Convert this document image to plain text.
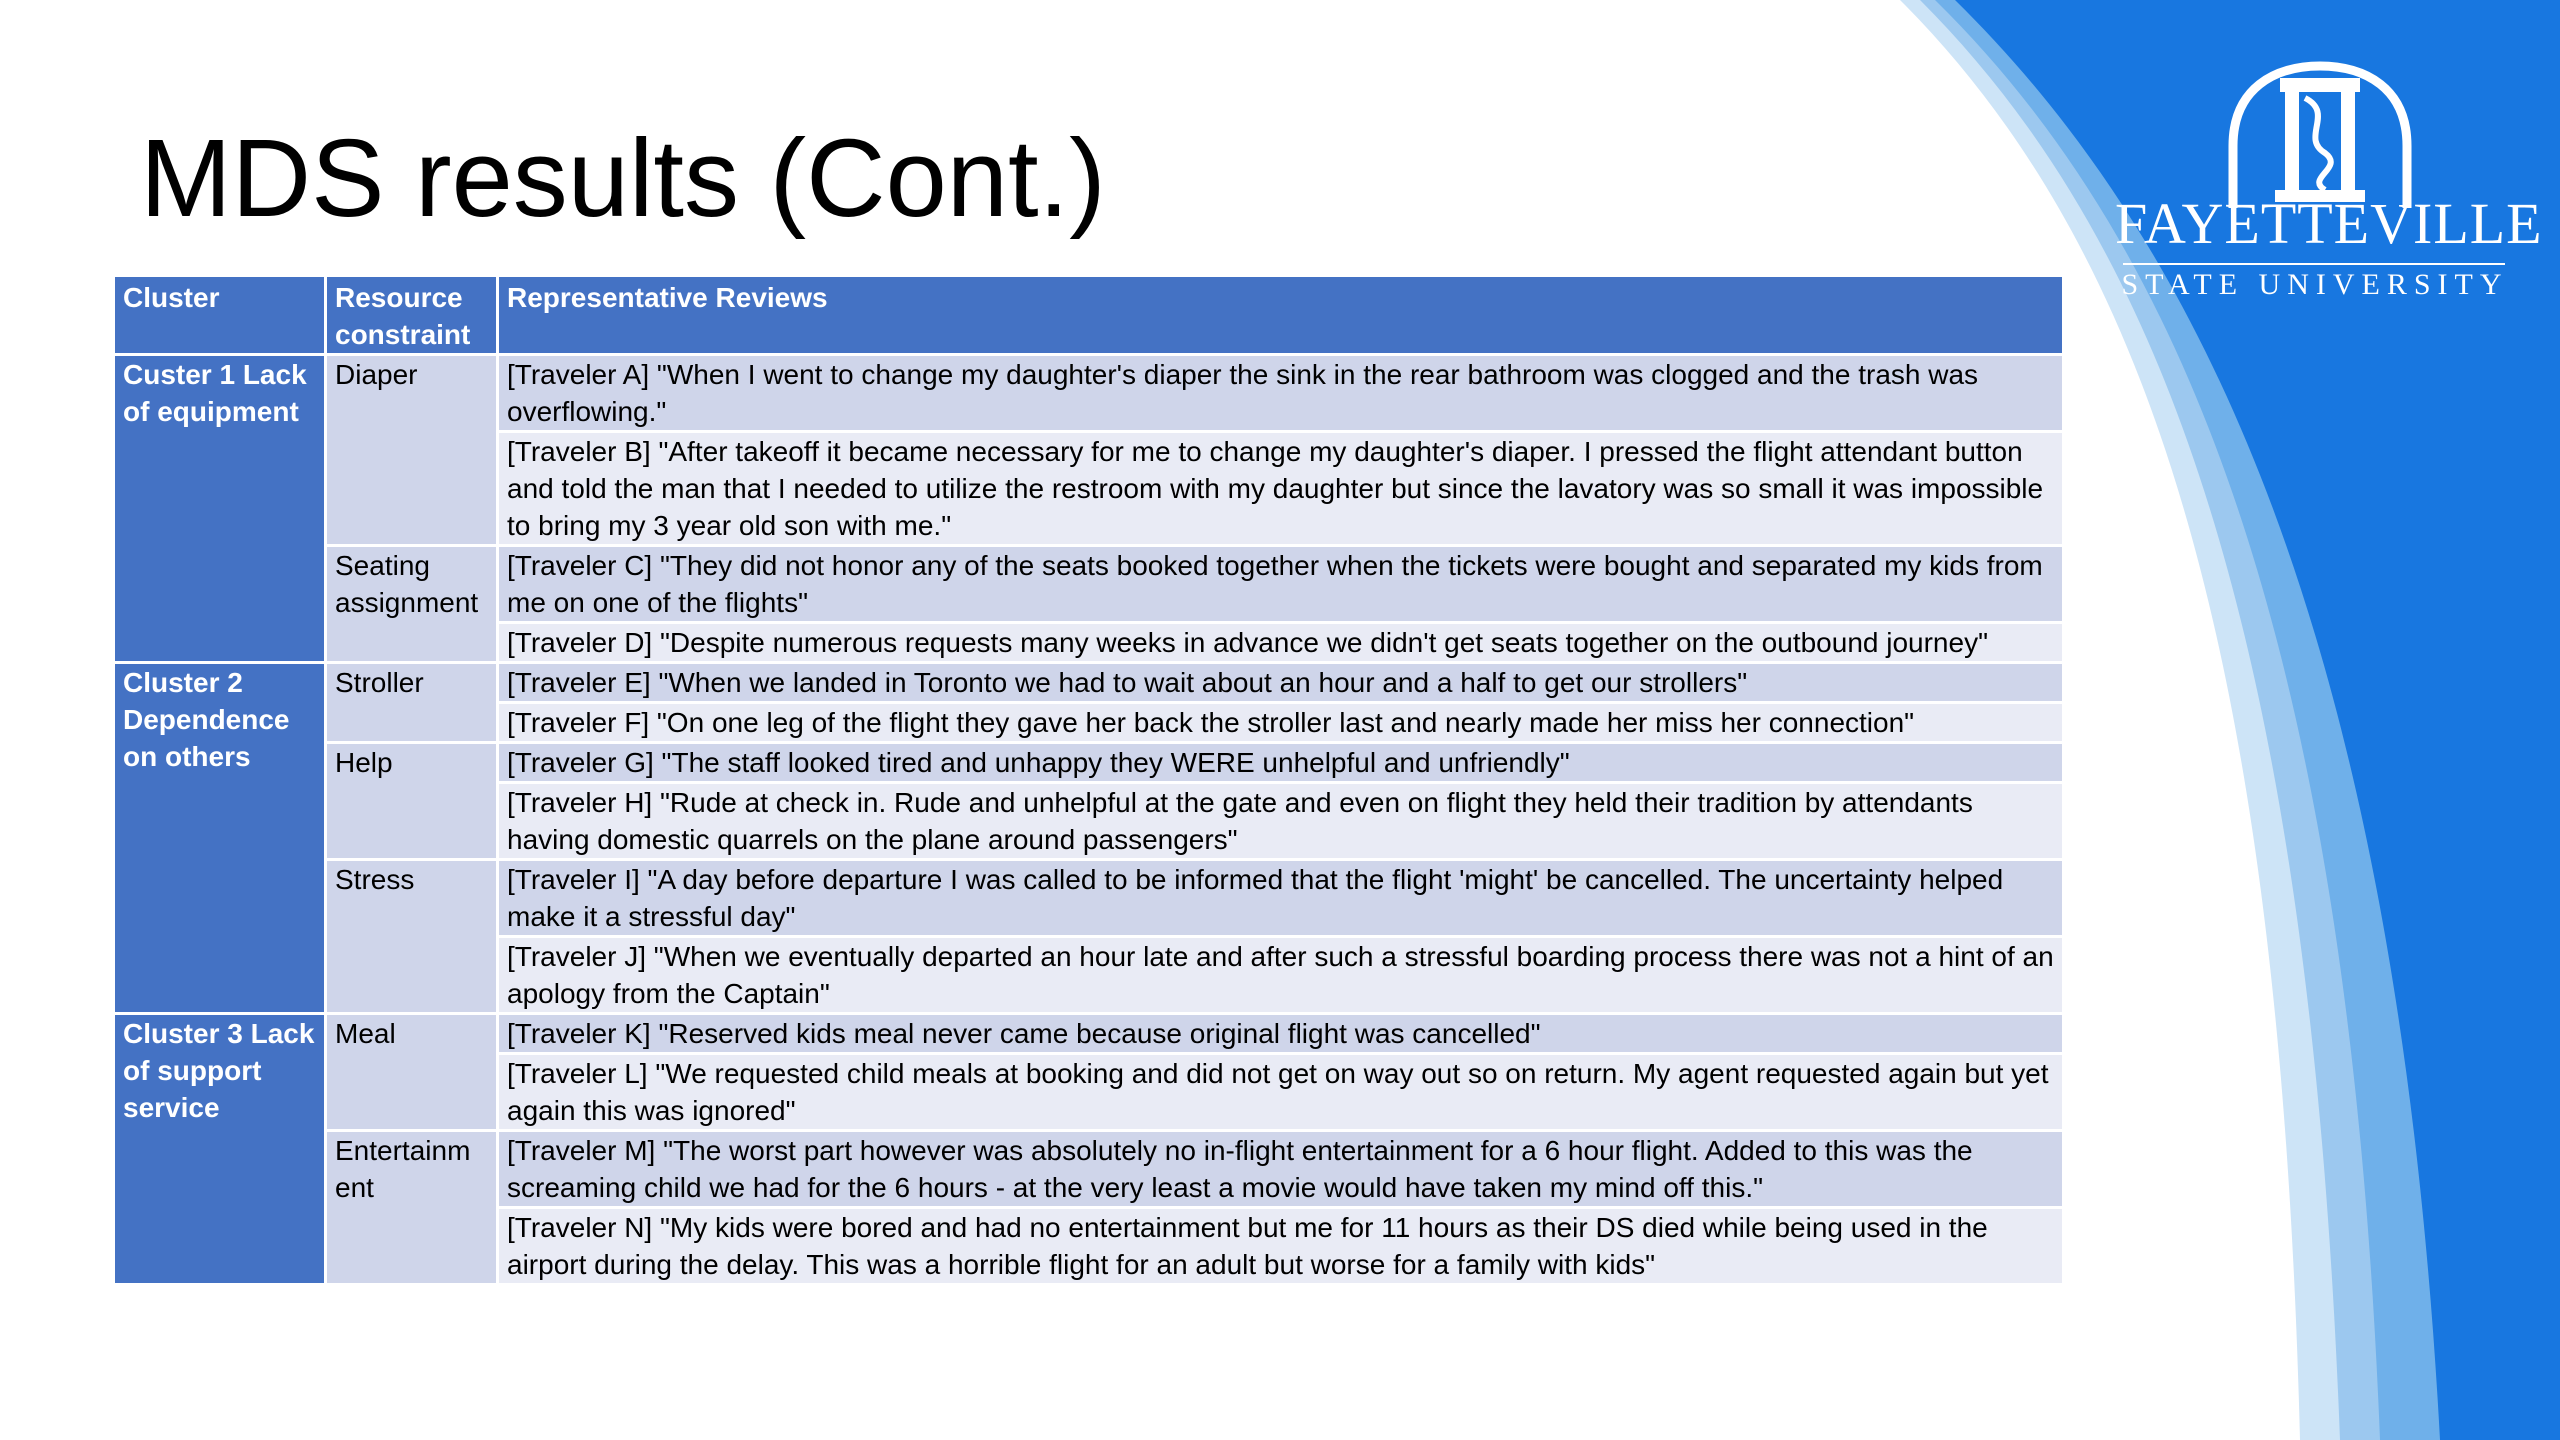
MDS results (Cont.)	FAYETTEVILLE
STATE UNIVERSITY
Cluster	Resource constraint	Representative Reviews
Custer 1 Lack of equipment	Diaper	[Traveler A] "When I went to change my daughter's diaper the sink in the rear bathroom was clogged and the trash was overflowing."
		[Traveler B] "After takeoff it became necessary for me to change my daughter's diaper. I pressed the flight attendant button and told the man that I needed to utilize the restroom with my daughter but since the lavatory was so small it was impossible to bring my 3 year old son with me."
	Seating assignment	[Traveler C] "They did not honor any of the seats booked together when the tickets were bought and separated my kids from me on one of the flights"
		[Traveler D] "Despite numerous requests many weeks in advance we didn't get seats together on the outbound journey"
Cluster 2 Dependence on others	Stroller	[Traveler E] "When we landed in Toronto we had to wait about an hour and a half to get our strollers"
		[Traveler F] "On one leg of the flight they gave her back the stroller last and nearly made her miss her connection"
	Help	[Traveler G] "The staff looked tired and unhappy they WERE unhelpful and unfriendly"
		[Traveler H] "Rude at check in. Rude and unhelpful at the gate and even on flight they held their tradition by attendants having domestic quarrels on the plane around passengers"
	Stress	[Traveler I] "A day before departure I was called to be informed that the flight 'might' be cancelled. The uncertainty helped make it a stressful day"
		[Traveler J] "When we eventually departed an hour late and after such a stressful boarding process there was not a hint of an apology from the Captain"
Cluster 3 Lack of support service	Meal	[Traveler K] "Reserved kids meal never came because original flight was cancelled"
		[Traveler L] "We requested child meals at booking and did not get on way out so on return. My agent requested again but yet again this was ignored"
	Entertainm ent	[Traveler M] "The worst part however was absolutely no in-flight entertainment for a 6 hour flight. Added to this was the screaming child we had for the 6 hours - at the very least a movie would have taken my mind off this."
		[Traveler N] "My kids were bored and had no entertainment but me for 11 hours as their DS died while being used in the airport during the delay. This was a horrible flight for an adult but worse for a family with kids"
